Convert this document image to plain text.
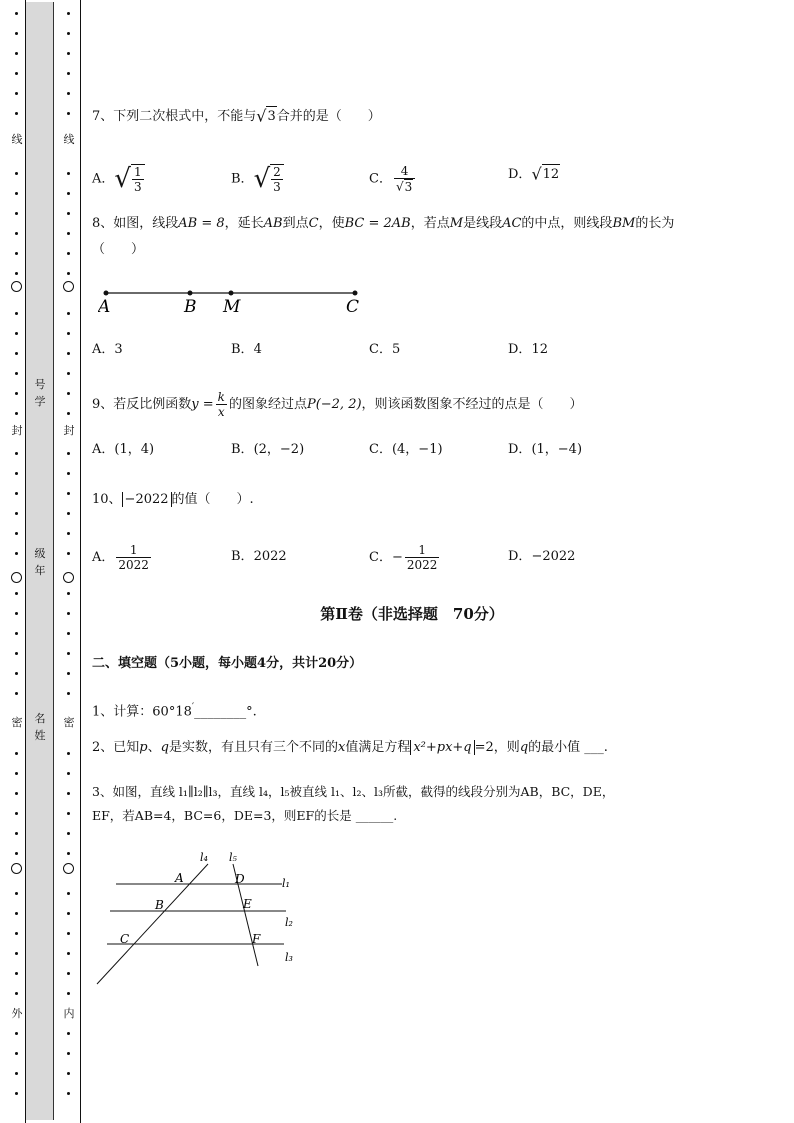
线
封
密
外
线
封
密
内
号
学
级
年
名
姓
7、下列二次根式中，不能与√3合并的是（　　）
A．√ $\frac{1}{3}$	B．√ $\frac{2}{3}$	C． $\frac{4}{√3}$	D．√12
8、如图，线段AB = 8，延长AB到点C，使BC = 2AB，若点M是线段AC的中点，则线段BM的长为
（　　）
A	B M	C
A．3	B．4	C．5	D．12
9、若反比例函数$y = \frac{k}{x}$ 的图象经过点P(−2, 2)，则该函数图象不经过的点是（　　）
A．(1，4)	B．(2，−2)	C．(4，−1)	D．(1，−4)
10、 −2022 的值（　　）.
A． $\frac{1}{2022}$	B．2022	C．− $\frac{1}{2022}$	D．−2022
第Ⅱ卷（非选择题　70分）
二、填空题（5小题，每小题4分，共计20分）
1、计算：60°18′________°.
2、已知p、q是实数，有且只有三个不同的x值满足方程 x²+px+q =2，则q的最小值 ___.
3、如图，直线 l₁∥l₂∥l₃，直线 l₄，l₅被直线 l₁、l₂、l₃所截，截得的线段分别为AB，BC，DE，
EF，若AB=4，BC=6，DE=3，则EF的长是 ______.
l₄ l₅
l₁
l₂
l₃
A
B
C
D
E
F
